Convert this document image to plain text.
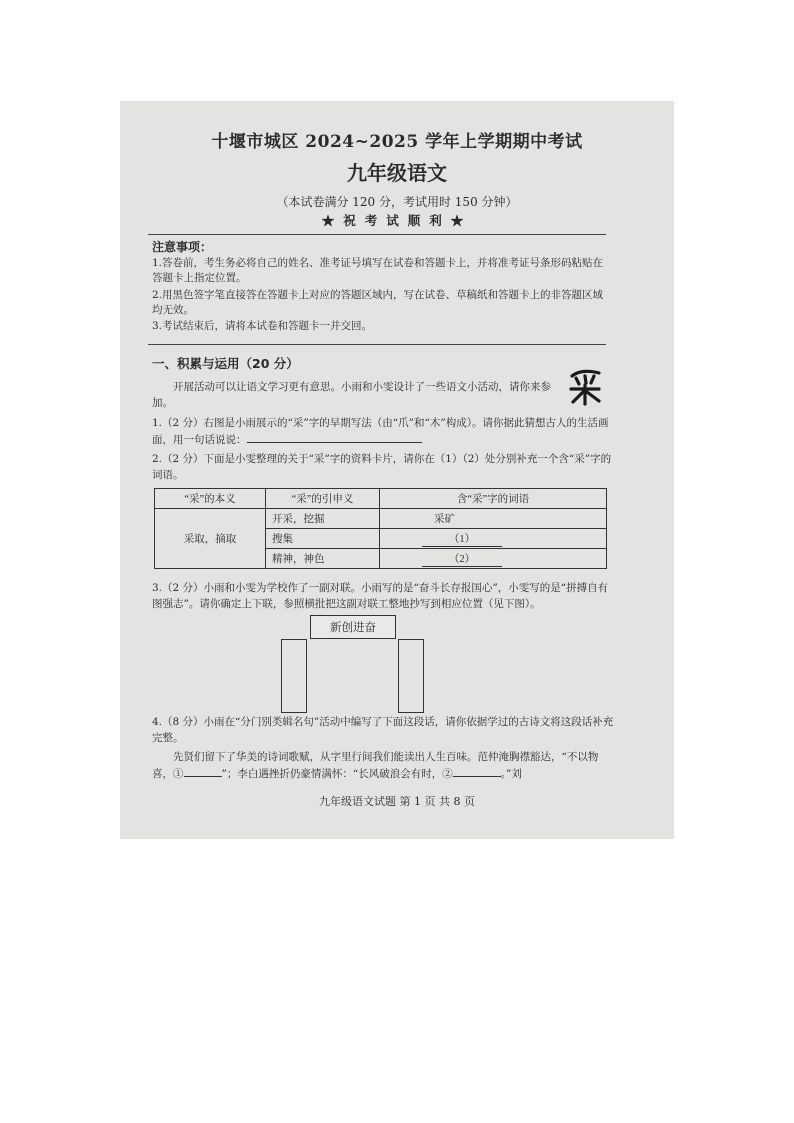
十堰市城区 2024~2025 学年上学期期中考试
九年级语文
（本试卷满分 120 分，考试用时 150 分钟）
★祝考试顺利★
注意事项：
1.答卷前，考生务必将自己的姓名、准考证号填写在试卷和答题卡上，并将准考证号条形码粘贴在答题卡上指定位置。
2.用黑色签字笔直接答在答题卡上对应的答题区域内，写在试卷、草稿纸和答题卡上的非答题区域均无效。
3.考试结束后，请将本试卷和答题卡一并交回。
一、积累与运用（20 分）
开展活动可以让语文学习更有意思。小雨和小雯设计了一些语文小活动，请你来参加。
1.（2 分）右图是小雨展示的“采”字的早期写法（由“爪”和“木”构成）。请你据此猜想古人的生活画面，用一句话说说：
2.（2 分）下面是小雯整理的关于“采”字的资料卡片，请你在（1）（2）处分别补充一个含“采”字的词语。
“采”的本义	“采”的引申义	含“采”字的词语
采取，摘取	开采，挖掘	采矿
	搜集	（1）
	精神，神色	（2）
3.（2 分）小雨和小雯为学校作了一副对联。小雨写的是“奋斗长存报国心”，小雯写的是“拼搏自有图强志”。请你确定上下联，参照横批把这副对联工整地抄写到相应位置（见下图）。
新创进奋
4.（8 分）小雨在“分门别类辑名句”活动中编写了下面这段话，请你依据学过的古诗文将这段话补充完整。
先贤们留下了华美的诗词歌赋，从字里行间我们能读出人生百味。范仲淹胸襟豁达，“不以物喜，①	”；李白遇挫折仍豪情满怀：“长风破浪会有时，②	。”刘
九年级语文试题 第 1 页 共 8 页
